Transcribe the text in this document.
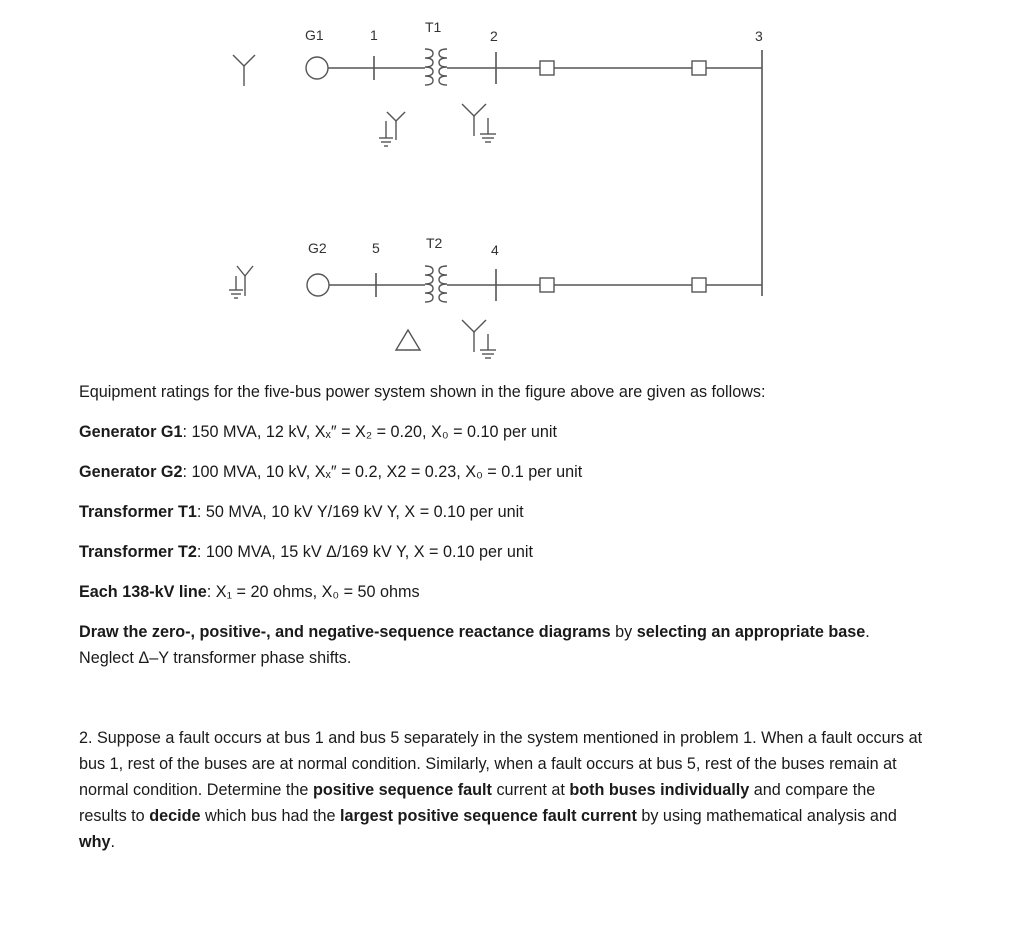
G1	1	T1
2	3
G2	5	T2	4
Equipment ratings for the five-bus power system shown in the figure above are given as follows:
Generator G1: 150 MVA, 12 kV, Xₓ″ = X₂ = 0.20, X₀ = 0.10 per unit
Generator G2: 100 MVA, 10 kV, Xₓ″ = 0.2, X2 = 0.23, X₀ = 0.1 per unit
Transformer T1: 50 MVA, 10 kV Y/169 kV Y, X = 0.10 per unit
Transformer T2: 100 MVA, 15 kV Δ/169 kV Y, X = 0.10 per unit
Each 138-kV line: X₁ = 20 ohms, X₀ = 50 ohms
Draw the zero-, positive-, and negative-sequence reactance diagrams by selecting an appropriate base.
Neglect Δ–Y transformer phase shifts.
2. Suppose a fault occurs at bus 1 and bus 5 separately in the system mentioned in problem 1. When a fault occurs at bus 1, rest of the buses are at normal condition. Similarly, when a fault occurs at bus 5, rest of the buses remain at normal condition. Determine the positive sequence fault current at both buses individually and compare the results to decide which bus had the largest positive sequence fault current by using mathematical analysis and why.
